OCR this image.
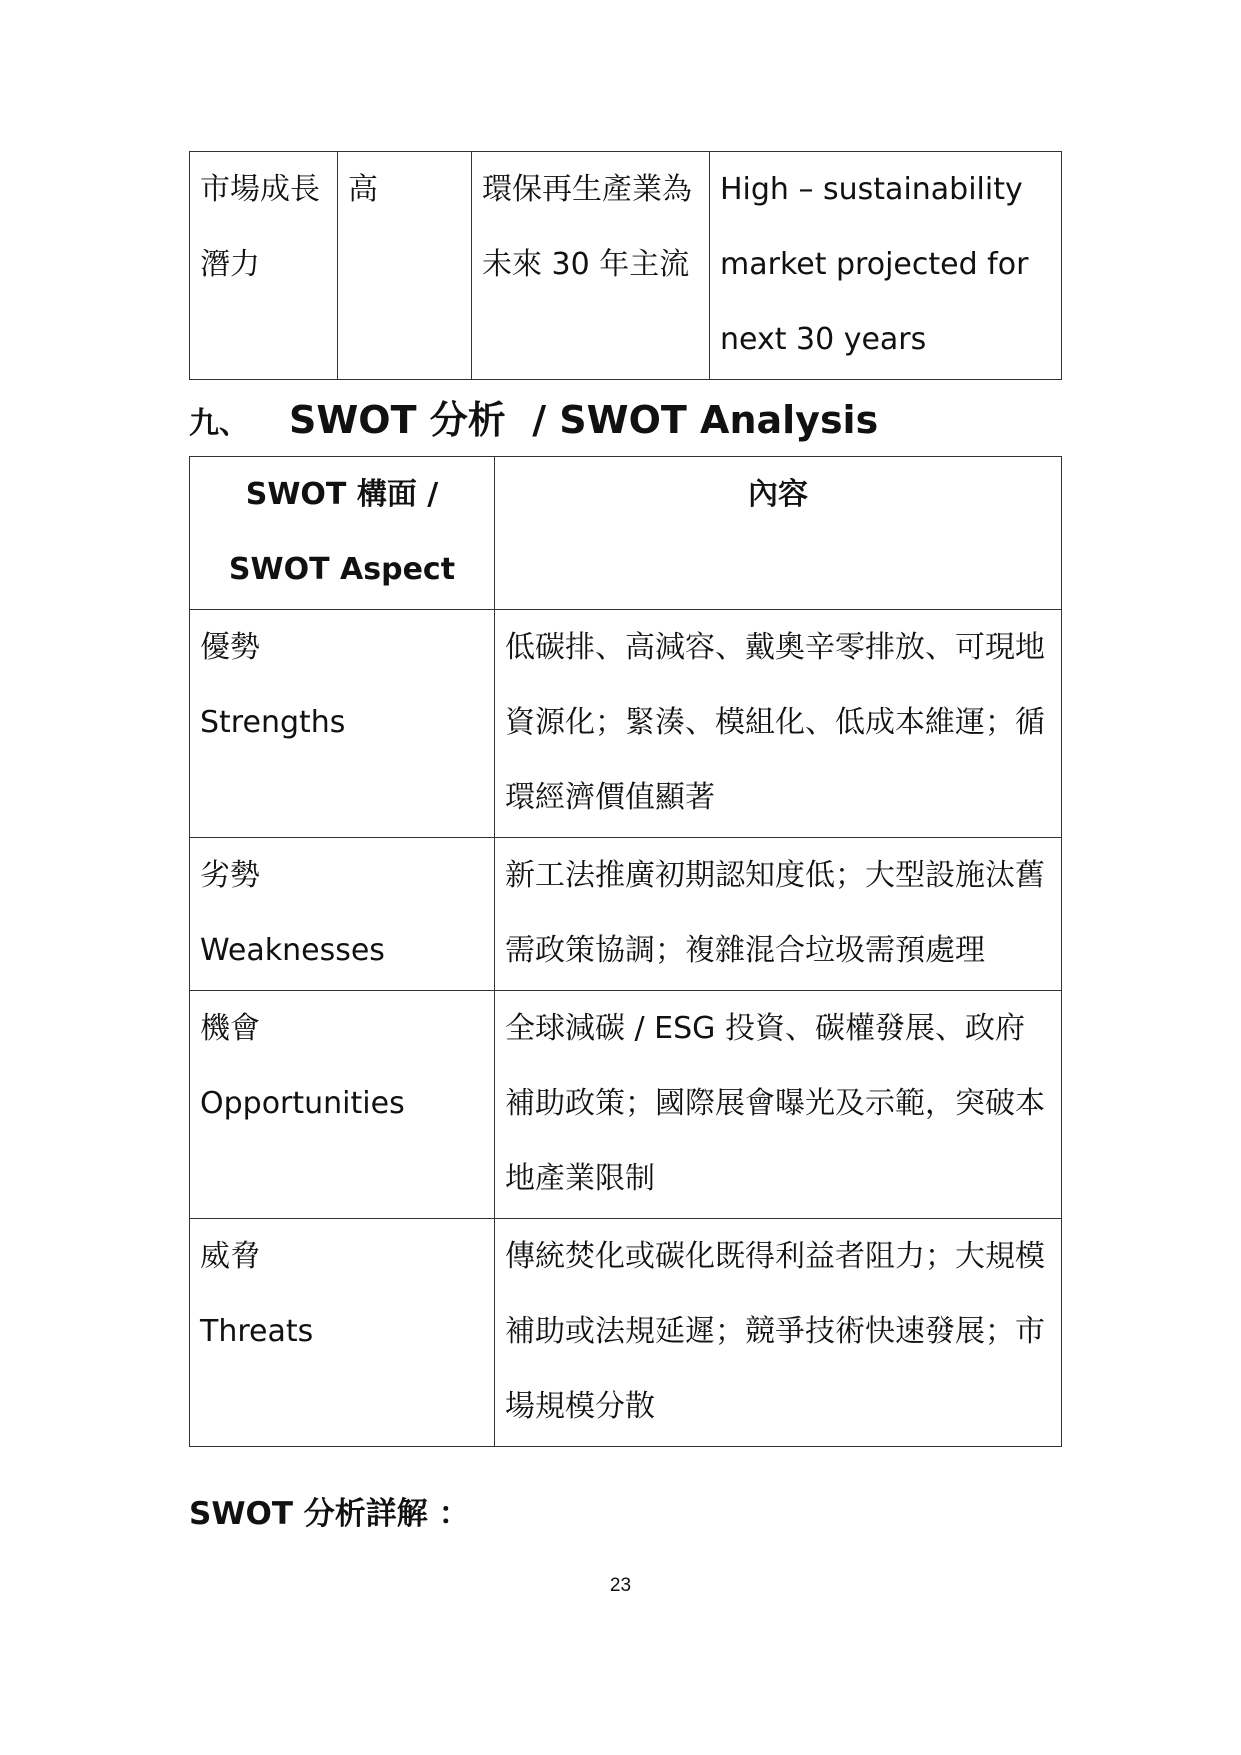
市場成長潛力	高	環保再生產業為未來 30 年主流	High – sustainability market projected for next 30 years
九、 SWOT 分析  / SWOT Analysis
SWOT 構面 /
SWOT Aspect	內容

優勢
Strengths	低碳排、高減容、戴奧辛零排放、可現地資源化；緊湊、模組化、低成本維運；循環經濟價值顯著

劣勢
Weaknesses	新工法推廣初期認知度低；大型設施汰舊需政策協調；複雜混合垃圾需預處理

機會
Opportunities	全球減碳 / ESG 投資、碳權發展、政府補助政策；國際展會曝光及示範，突破本地產業限制

威脅
Threats	傳統焚化或碳化既得利益者阻力；大規模補助或法規延遲；競爭技術快速發展；市場規模分散
SWOT 分析詳解 ：
23
